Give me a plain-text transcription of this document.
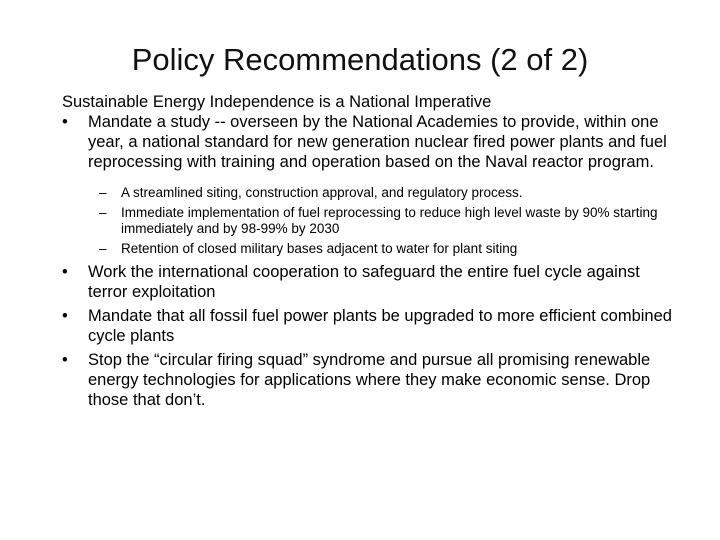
Policy Recommendations (2 of 2)

Sustainable Energy Independence is a National Imperative

•	Mandate a study -- overseen by the National Academies to provide, within one year, a national standard for new generation nuclear fired power plants and fuel reprocessing with training and operation based on the Naval reactor program.
–	A streamlined siting, construction approval, and regulatory process.
–	Immediate implementation of fuel reprocessing to reduce high level waste by 90% starting immediately and by 98-99% by 2030
–	Retention of closed military bases adjacent to water for plant siting
•	Work the international cooperation to safeguard the entire fuel cycle against terror exploitation
•	Mandate that all fossil fuel power plants be upgraded to more efficient combined cycle plants
•	Stop the “circular firing squad” syndrome and pursue all promising renewable energy technologies for applications where they make economic sense. Drop those that don’t.
